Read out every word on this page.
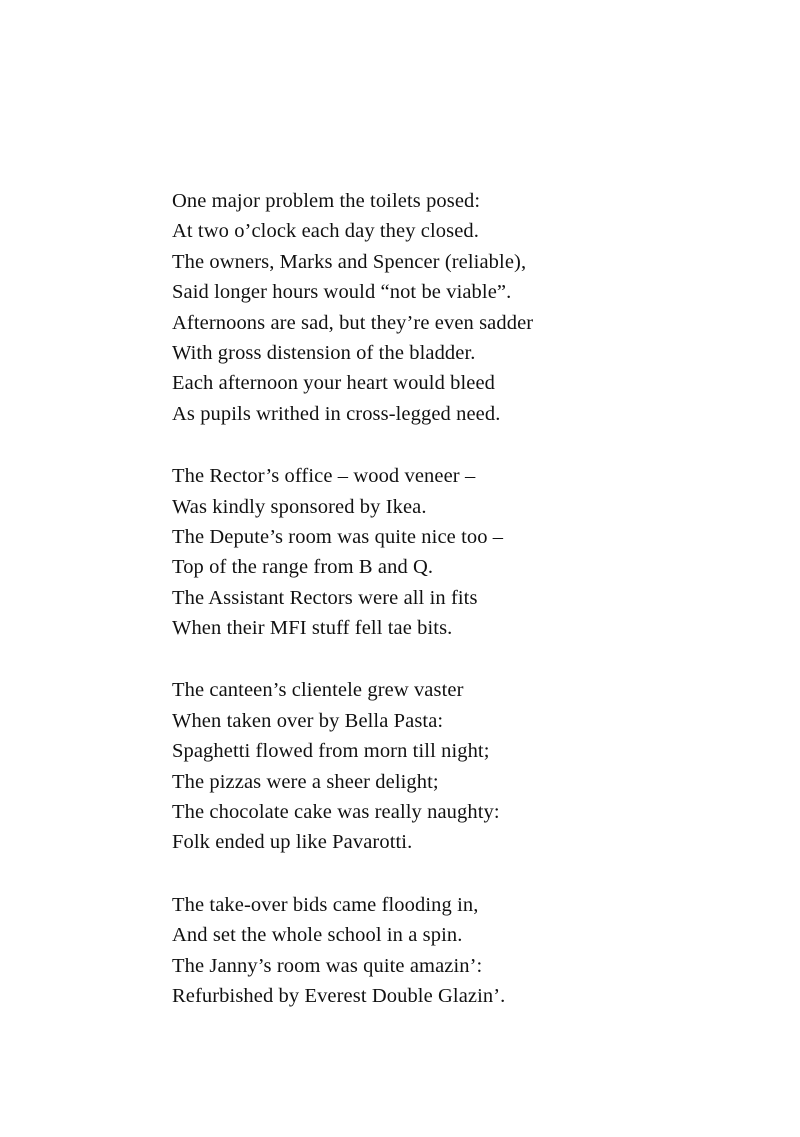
One major problem the toilets posed:
At two o’clock each day they closed.
The owners, Marks and Spencer (reliable),
Said longer hours would “not be viable”.
Afternoons are sad, but they’re even sadder
With gross distension of the bladder.
Each afternoon your heart would bleed
As pupils writhed in cross-legged need.
The Rector’s office – wood veneer –
Was kindly sponsored by Ikea.
The Depute’s room was quite nice too –
Top of the range from B and Q.
The Assistant Rectors were all in fits
When their MFI stuff fell tae bits.
The canteen’s clientele grew vaster
When taken over by Bella Pasta:
Spaghetti flowed from morn till night;
The pizzas were a sheer delight;
The chocolate cake was really naughty:
Folk ended up like Pavarotti.
The take-over bids came flooding in,
And set the whole school in a spin.
The Janny’s room was quite amazin’:
Refurbished by Everest Double Glazin’.
